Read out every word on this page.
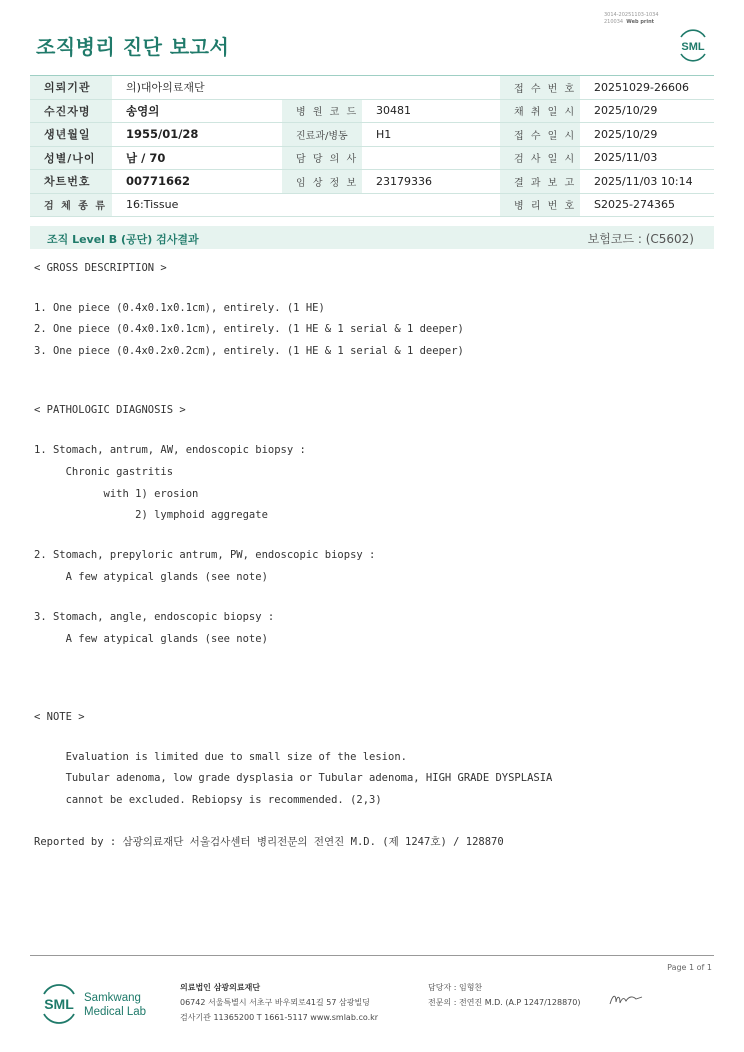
3014-20251103-1034
210034 Web print
조직병리 진단 보고서	SML
의뢰기관	의)대아의료재단			접 수 번 호	20251029-26606
수진자명	송영의	병 원 코 드	30481	채 취 일 시	2025/10/29
생년월일	1955/01/28	진료과/병동	H1	접 수 일 시	2025/10/29
성별/나이	남 / 70	담 당 의 사		검 사 일 시	2025/11/03
차트번호	00771662	임 상 정 보	23179336	결 과 보 고	2025/11/03 10:14
검 체 종 류	16:Tissue			병 리 번 호	S2025-274365
조직 Level B (공단) 검사결과	보험코드 : (C5602)
< GROSS DESCRIPTION >
1. One piece (0.4x0.1x0.1cm), entirely. (1 HE)
2. One piece (0.4x0.1x0.1cm), entirely. (1 HE & 1 serial & 1 deeper)
3. One piece (0.4x0.2x0.2cm), entirely. (1 HE & 1 serial & 1 deeper)
< PATHOLOGIC DIAGNOSIS >
1. Stomach, antrum, AW, endoscopic biopsy :
Chronic gastritis
with 1) erosion
2) lymphoid aggregate
2. Stomach, prepyloric antrum, PW, endoscopic biopsy :
A few atypical glands (see note)
3. Stomach, angle, endoscopic biopsy :
A few atypical glands (see note)
< NOTE >
Evaluation is limited due to small size of the lesion.
Tubular adenoma, low grade dysplasia or Tubular adenoma, HIGH GRADE DYSPLASIA
cannot be excluded. Rebiopsy is recommended. (2,3)
Reported by : 삼광의료재단 서울검사센터 병리전문의 전연진 M.D. (제 1247호) / 128870
Page 1 of 1
SML Samkwang
Medical Lab
의료법인 삼광의료재단
06742 서울특별시 서초구 바우뫼로41길 57 삼광빌딩
검사기관 11365200 T 1661-5117 www.smlab.co.kr
담당자 : 임형찬
전문의 : 전연진 M.D. (A.P 1247/128870)
